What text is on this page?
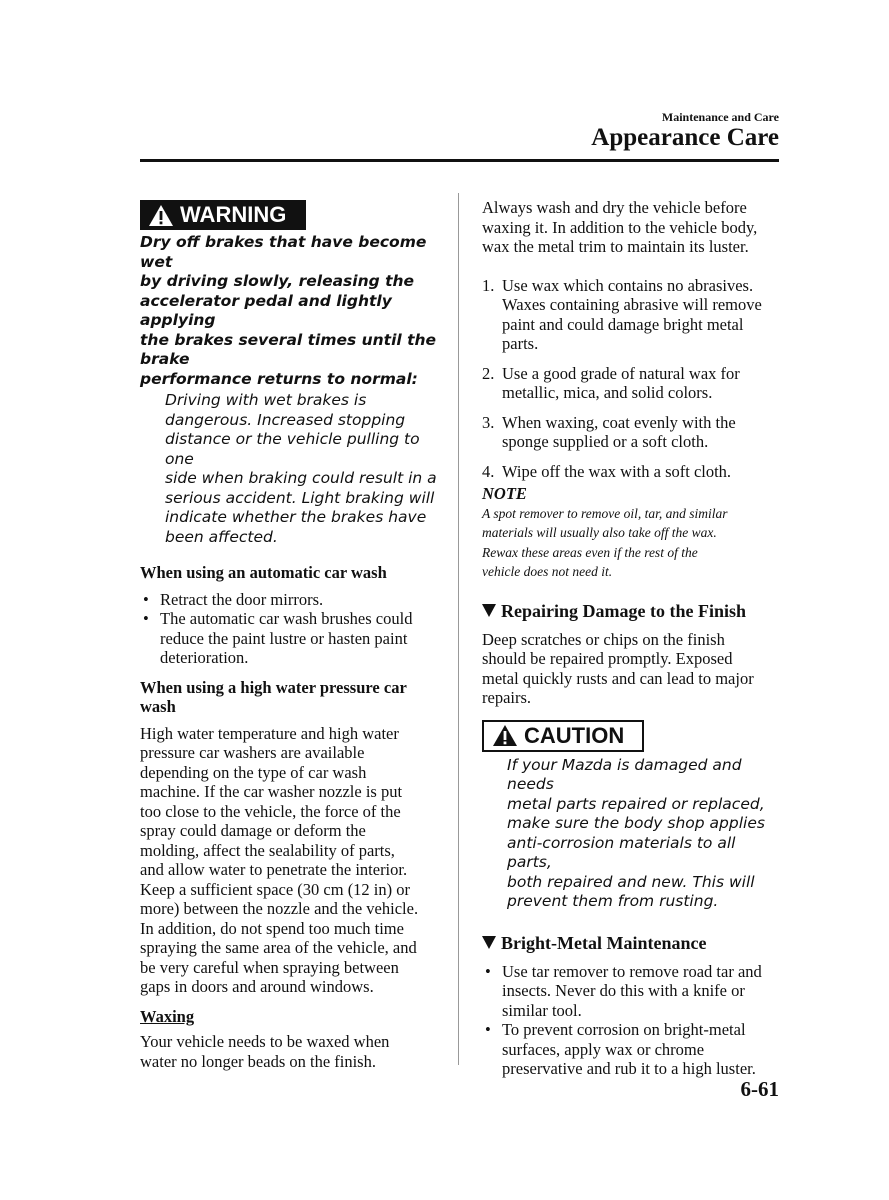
Maintenance and Care
Appearance Care
WARNING
Dry off brakes that have become wet
by driving slowly, releasing the
accelerator pedal and lightly applying
the brakes several times until the brake
performance returns to normal:
Driving with wet brakes is
dangerous. Increased stopping
distance or the vehicle pulling to one
side when braking could result in a
serious accident. Light braking will
indicate whether the brakes have
been affected.
When using an automatic car wash
• Retract the door mirrors.
• The automatic car wash brushes could
reduce the paint lustre or hasten paint
deterioration.
When using a high water pressure car
wash
High water temperature and high water
pressure car washers are available
depending on the type of car wash
machine. If the car washer nozzle is put
too close to the vehicle, the force of the
spray could damage or deform the
molding, affect the sealability of parts,
and allow water to penetrate the interior.
Keep a sufficient space (30 cm (12 in) or
more) between the nozzle and the vehicle.
In addition, do not spend too much time
spraying the same area of the vehicle, and
be very careful when spraying between
gaps in doors and around windows.
Waxing
Your vehicle needs to be waxed when
water no longer beads on the finish.
Always wash and dry the vehicle before
waxing it. In addition to the vehicle body,
wax the metal trim to maintain its luster.
1. Use wax which contains no abrasives.
Waxes containing abrasive will remove
paint and could damage bright metal
parts.
2. Use a good grade of natural wax for
metallic, mica, and solid colors.
3. When waxing, coat evenly with the
sponge supplied or a soft cloth.
4. Wipe off the wax with a soft cloth.
NOTE
A spot remover to remove oil, tar, and similar
materials will usually also take off the wax.
Rewax these areas even if the rest of the
vehicle does not need it.
Repairing Damage to the Finish
Deep scratches or chips on the finish
should be repaired promptly. Exposed
metal quickly rusts and can lead to major
repairs.
CAUTION
If your Mazda is damaged and needs
metal parts repaired or replaced,
make sure the body shop applies
anti-corrosion materials to all parts,
both repaired and new. This will
prevent them from rusting.
Bright-Metal Maintenance
• Use tar remover to remove road tar and
insects. Never do this with a knife or
similar tool.
• To prevent corrosion on bright-metal
surfaces, apply wax or chrome
preservative and rub it to a high luster.
6-61
